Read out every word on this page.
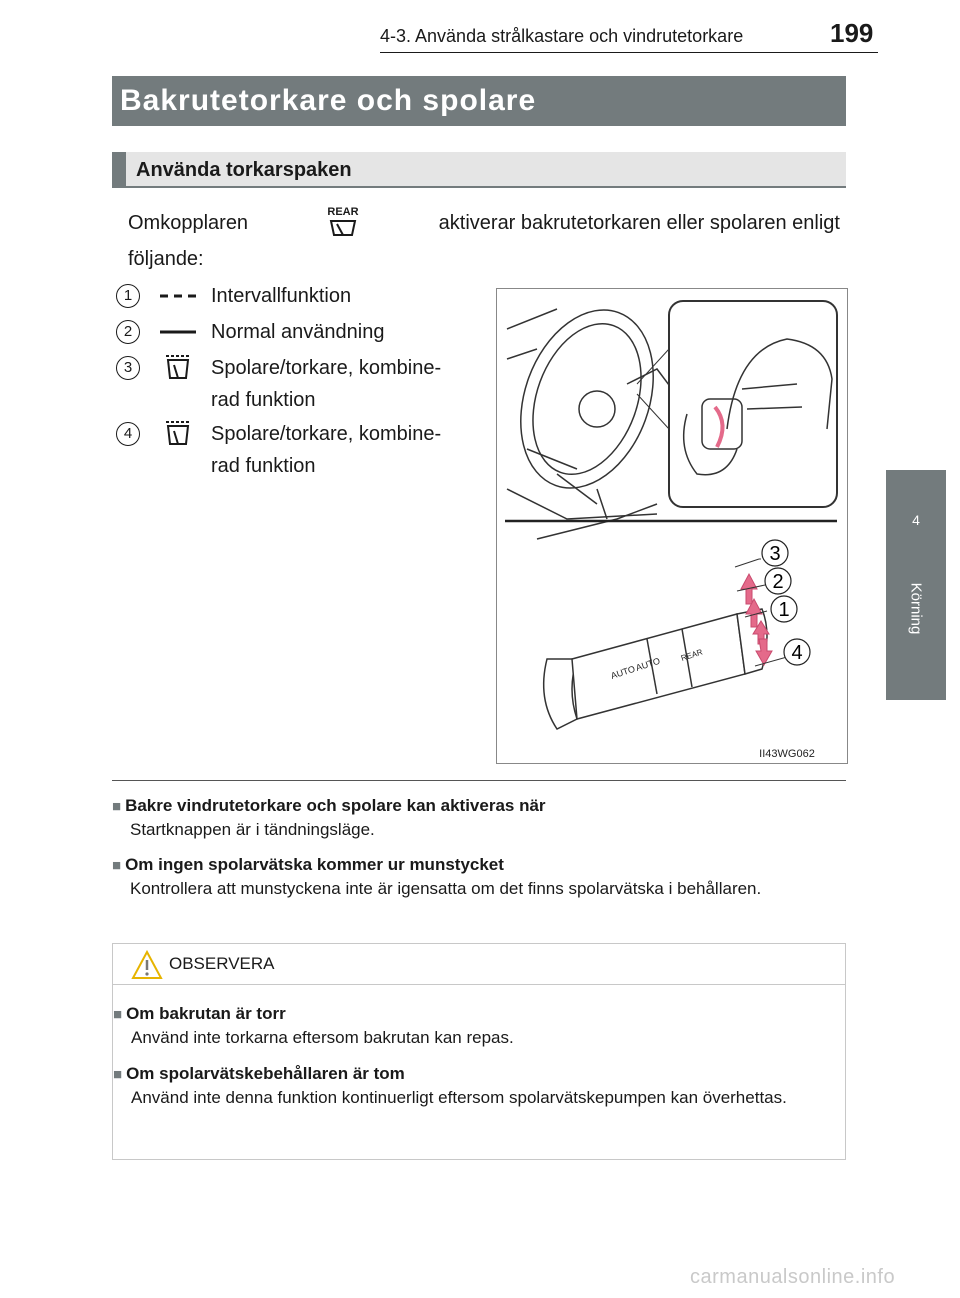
4-3. Använda strålkastare och vindrutetorkare	199
4
Körning
Bakrutetorkare och spolare
Använda torkarspaken
Omkopplaren	REAR	aktiverar bakrutetorkaren eller spolaren enligt
följande:
1	Intervallfunktion
2	Normal användning
3	Spolare/torkare, kombine-
rad funktion
4	Spolare/torkare, kombine-
rad funktion
AUTO
AUTO
REAR
3
2
1
4
II43WG062
■ Bakre vindrutetorkare och spolare kan aktiveras när
Startknappen är i tändningsläge.
■ Om ingen spolarvätska kommer ur munstycket
Kontrollera att munstyckena inte är igensatta om det finns spolarvätska i behållaren.
OBSERVERA
■ Om bakrutan är torr
Använd inte torkarna eftersom bakrutan kan repas.
■ Om spolarvätskebehållaren är tom
Använd inte denna funktion kontinuerligt eftersom spolarvätskepumpen kan överhettas.
carmanualsonline.info
